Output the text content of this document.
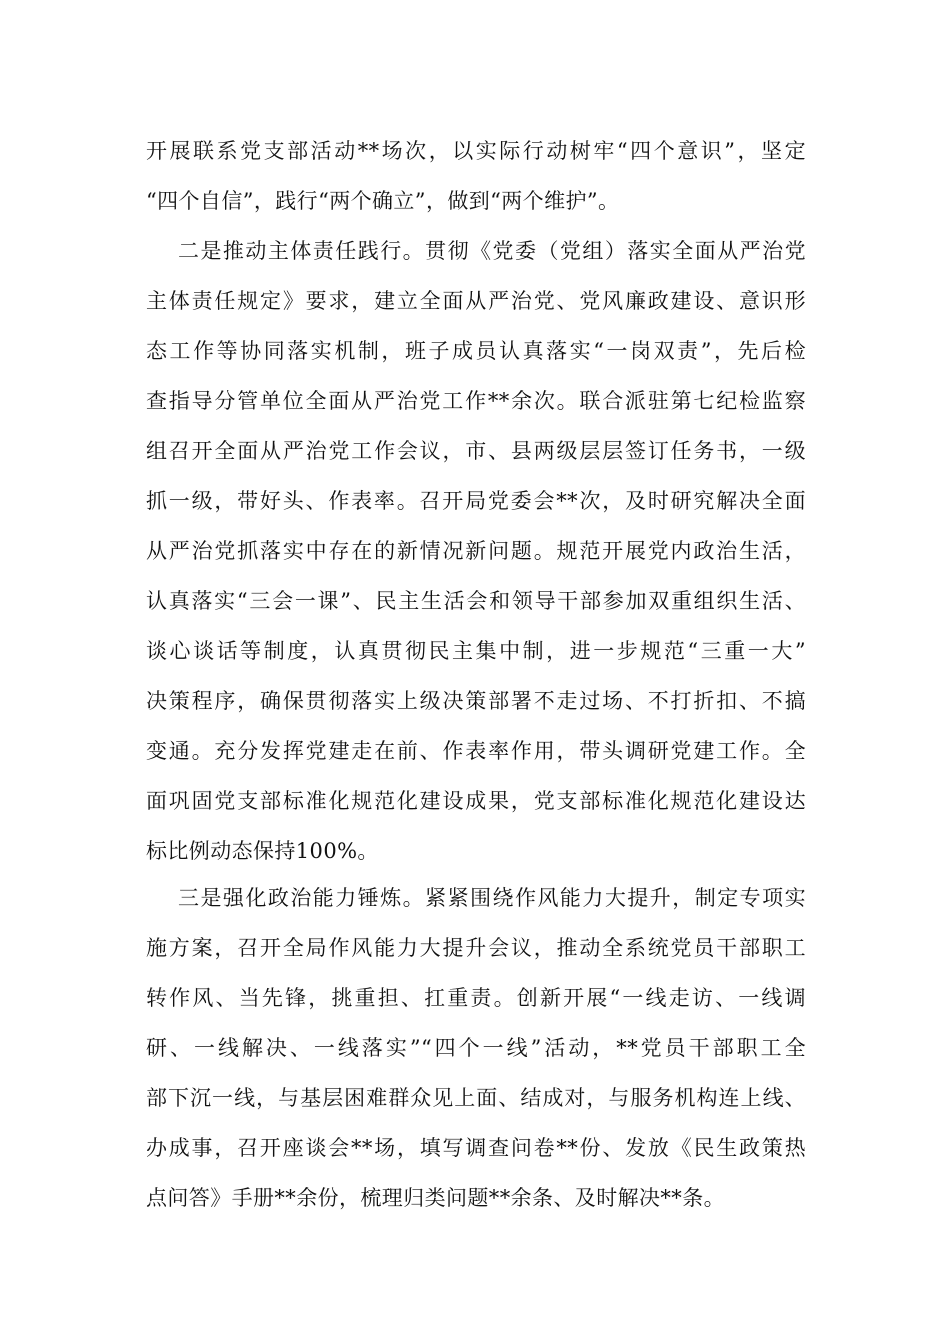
开展联系党支部活动**场次，以实际行动树牢“四个意识”，坚定
“四个自信”，践行“两个确立”，做到“两个维护”。
二是推动主体责任践行。贯彻《党委（党组）落实全面从严治党
主体责任规定》要求，建立全面从严治党、党风廉政建设、意识形
态工作等协同落实机制，班子成员认真落实“一岗双责”，先后检
查指导分管单位全面从严治党工作**余次。联合派驻第七纪检监察
组召开全面从严治党工作会议，市、县两级层层签订任务书，一级
抓一级，带好头、作表率。召开局党委会**次，及时研究解决全面
从严治党抓落实中存在的新情况新问题。规范开展党内政治生活，
认真落实“三会一课”、民主生活会和领导干部参加双重组织生活、
谈心谈话等制度，认真贯彻民主集中制，进一步规范“三重一大”
决策程序，确保贯彻落实上级决策部署不走过场、不打折扣、不搞
变通。充分发挥党建走在前、作表率作用，带头调研党建工作。全
面巩固党支部标准化规范化建设成果，党支部标准化规范化建设达
标比例动态保持100%。
三是强化政治能力锤炼。紧紧围绕作风能力大提升，制定专项实
施方案，召开全局作风能力大提升会议，推动全系统党员干部职工
转作风、当先锋，挑重担、扛重责。创新开展“一线走访、一线调
研、一线解决、一线落实”“四个一线”活动，**党员干部职工全
部下沉一线，与基层困难群众见上面、结成对，与服务机构连上线、
办成事，召开座谈会**场，填写调查问卷**份、发放《民生政策热
点问答》手册**余份，梳理归类问题**余条、及时解决**条。
